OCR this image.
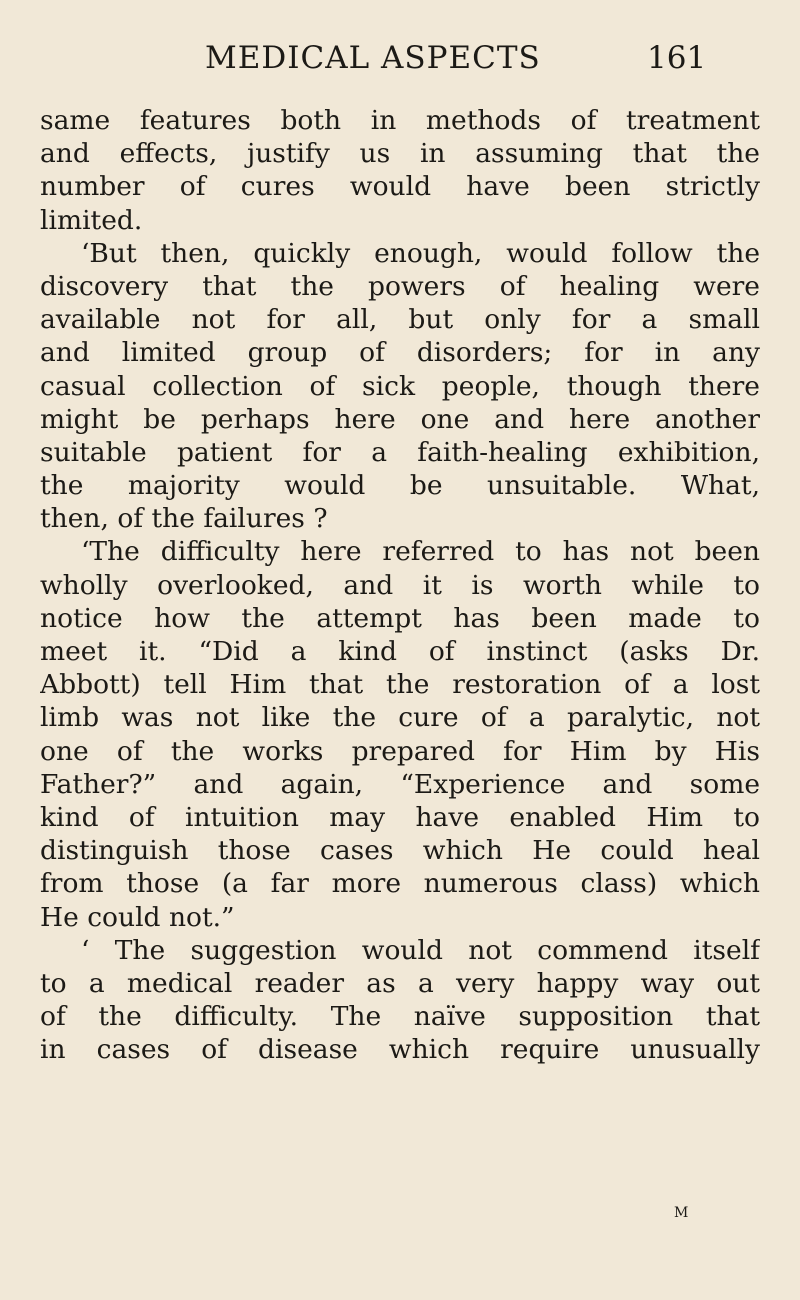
MEDICAL ASPECTS	161
same features both in methods of treatment
and effects, justify us in assuming that the
number of cures would have been strictly
limited.
‘But then, quickly enough, would follow the
discovery that the powers of healing were
available not for all, but only for a small
and limited group of disorders; for in any
casual collection of sick people, though there
might be perhaps here one and here another
suitable patient for a faith-healing exhibition,
the majority would be unsuitable. What,
then, of the failures ?
‘The difficulty here referred to has not been
wholly overlooked, and it is worth while to
notice how the attempt has been made to
meet it. “Did a kind of instinct (asks Dr.
Abbott) tell Him that the restoration of a lost
limb was not like the cure of a paralytic, not
one of the works prepared for Him by His
Father?” and again, “Experience and some
kind of intuition may have enabled Him to
distinguish those cases which He could heal
from those (a far more numerous class) which
He could not.”
‘ The suggestion would not commend itself
to a medical reader as a very happy way out
of the difficulty. The naïve supposition that
in cases of disease which require unusually
M
